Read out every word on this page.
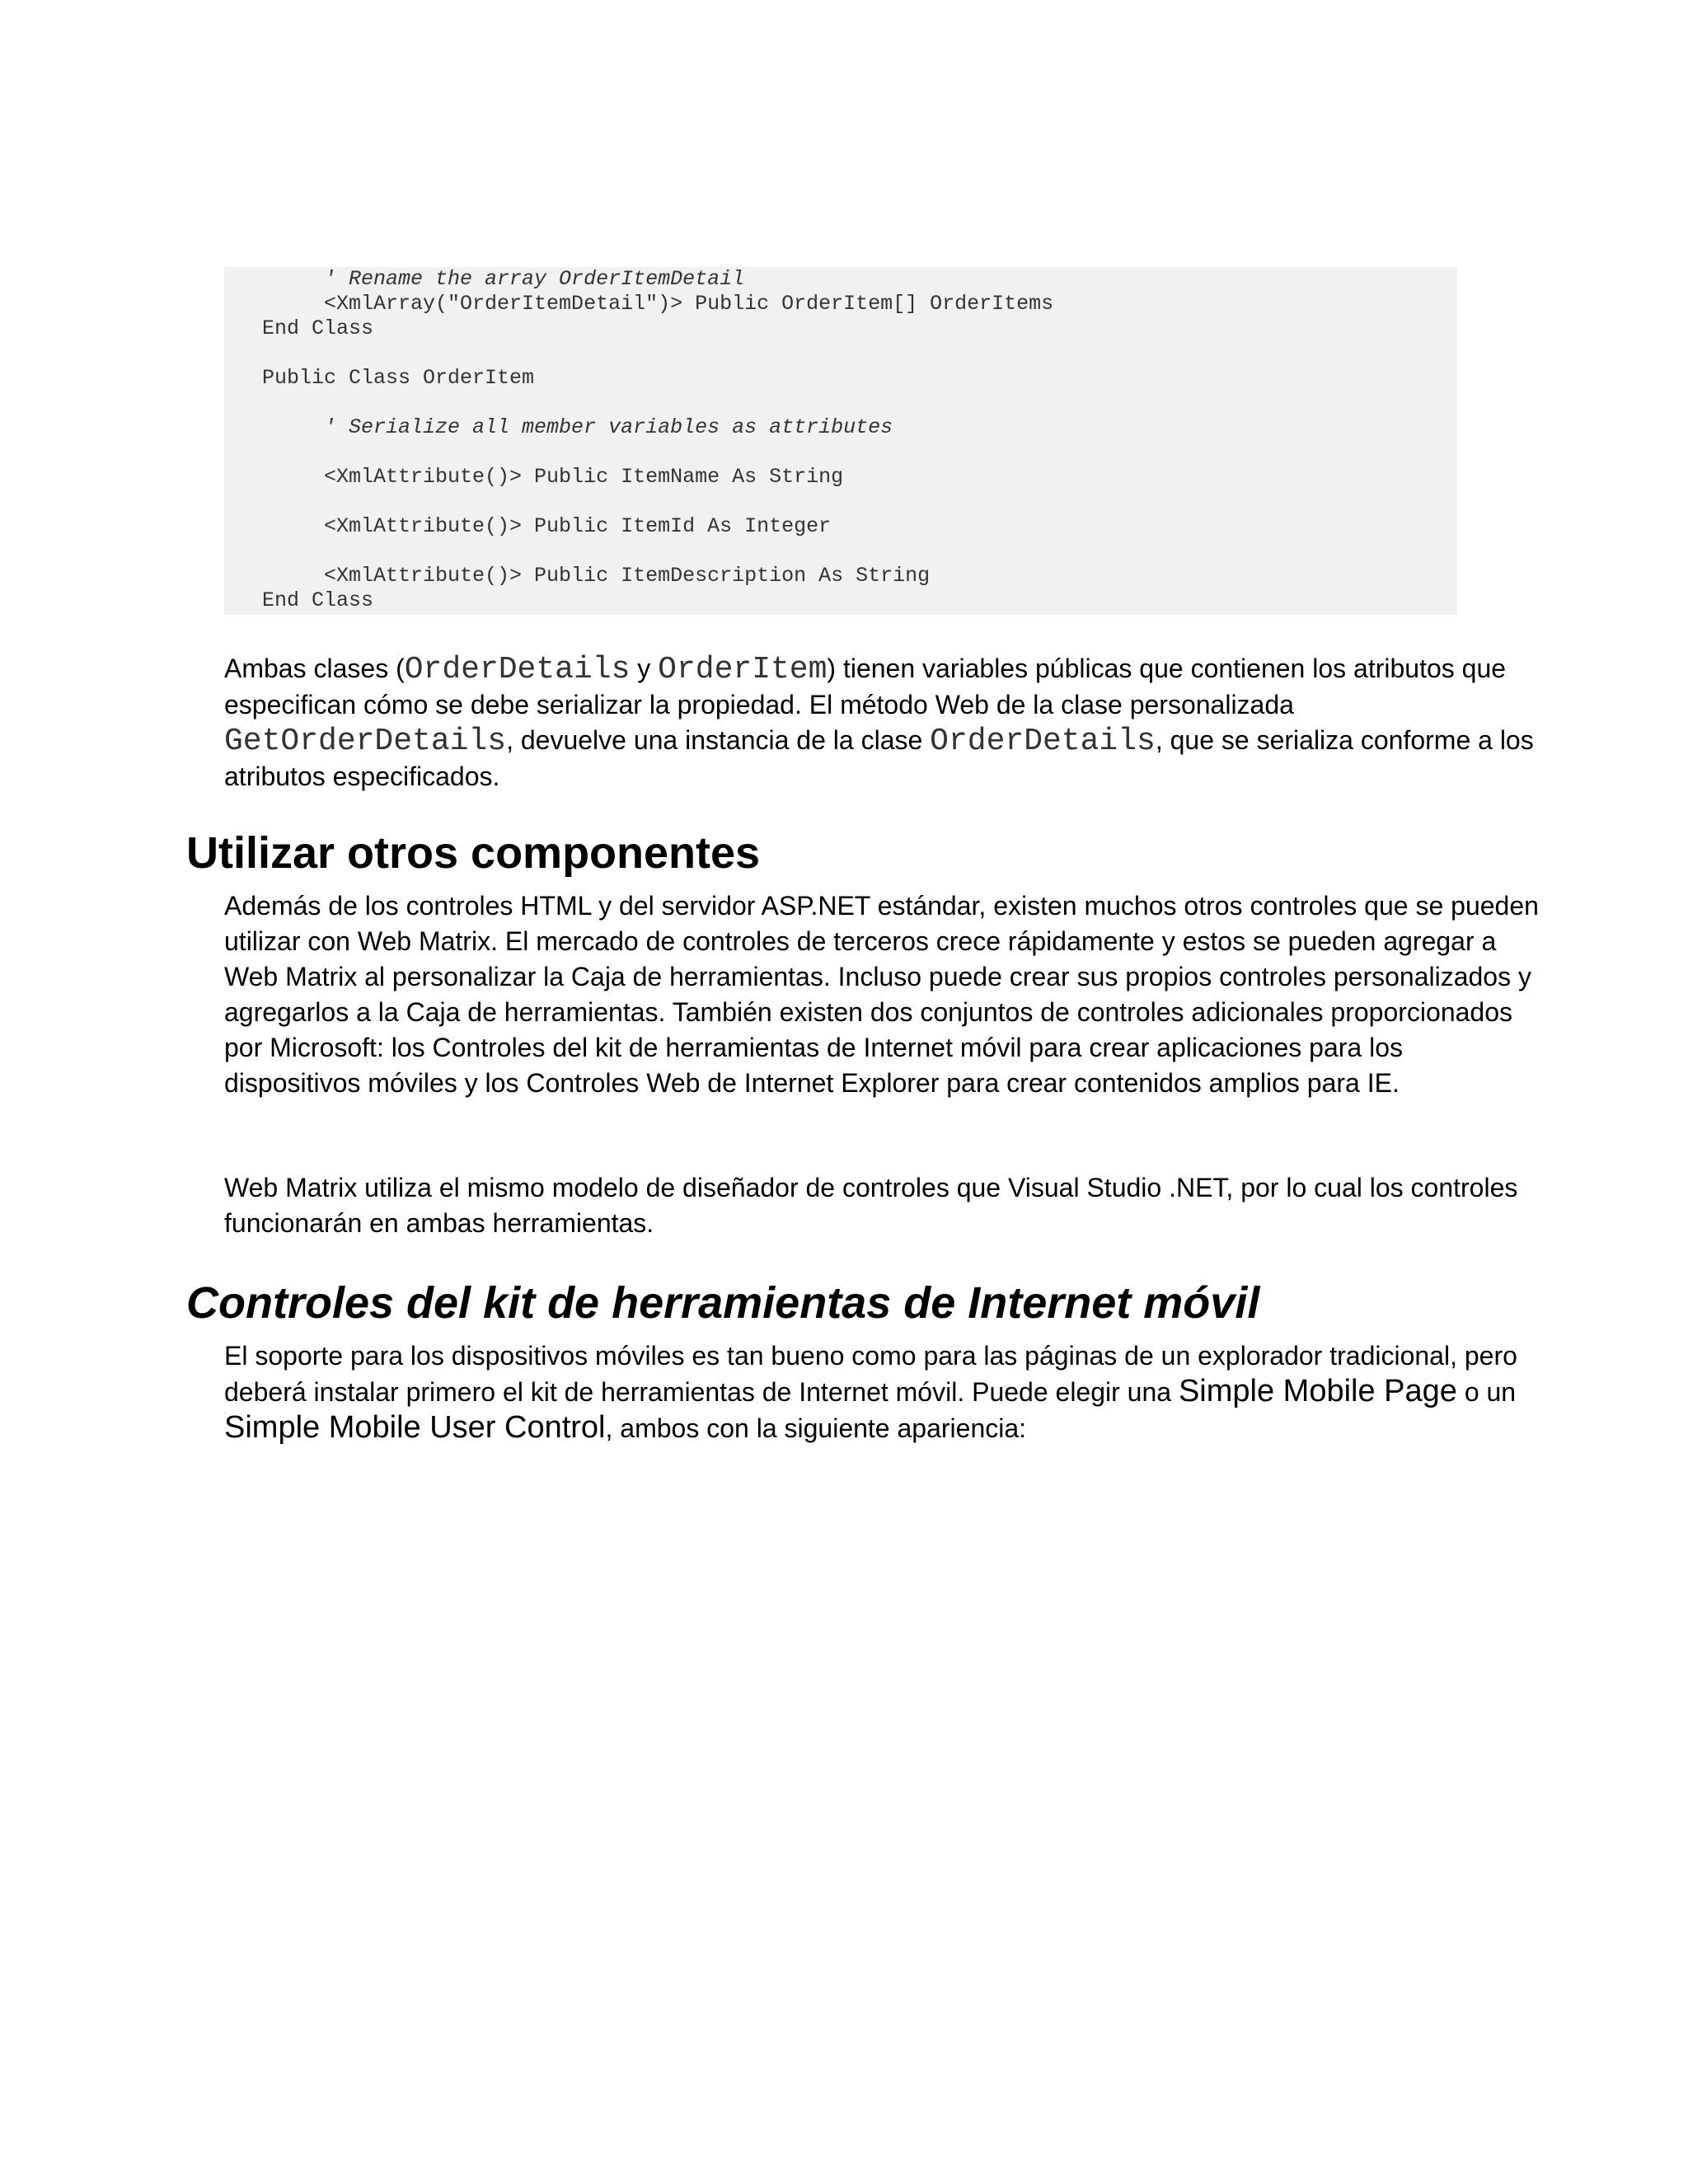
' Rename the array OrderItemDetail
<XmlArray("OrderItemDetail")> Public OrderItem[] OrderItems
End Class
Public Class OrderItem
' Serialize all member variables as attributes
<XmlAttribute()> Public ItemName As String
<XmlAttribute()> Public ItemId As Integer
<XmlAttribute()> Public ItemDescription As String
End Class

Ambas clases (OrderDetails y OrderItem) tienen variables públicas que contienen los atributos que especifican cómo se debe serializar la propiedad. El método Web de la clase personalizada GetOrderDetails, devuelve una instancia de la clase OrderDetails, que se serializa conforme a los atributos especificados.

Utilizar otros componentes

Además de los controles HTML y del servidor ASP.NET estándar, existen muchos otros controles que se pueden utilizar con Web Matrix. El mercado de controles de terceros crece rápidamente y estos se pueden agregar a Web Matrix al personalizar la Caja de herramientas. Incluso puede crear sus propios controles personalizados y agregarlos a la Caja de herramientas. También existen dos conjuntos de controles adicionales proporcionados por Microsoft: los Controles del kit de herramientas de Internet móvil para crear aplicaciones para los dispositivos móviles y los Controles Web de Internet Explorer para crear contenidos amplios para IE.

Web Matrix utiliza el mismo modelo de diseñador de controles que Visual Studio .NET, por lo cual los controles funcionarán en ambas herramientas.

Controles del kit de herramientas de Internet móvil

El soporte para los dispositivos móviles es tan bueno como para las páginas de un explorador tradicional, pero deberá instalar primero el kit de herramientas de Internet móvil. Puede elegir una Simple Mobile Page o un Simple Mobile User Control, ambos con la siguiente apariencia:
